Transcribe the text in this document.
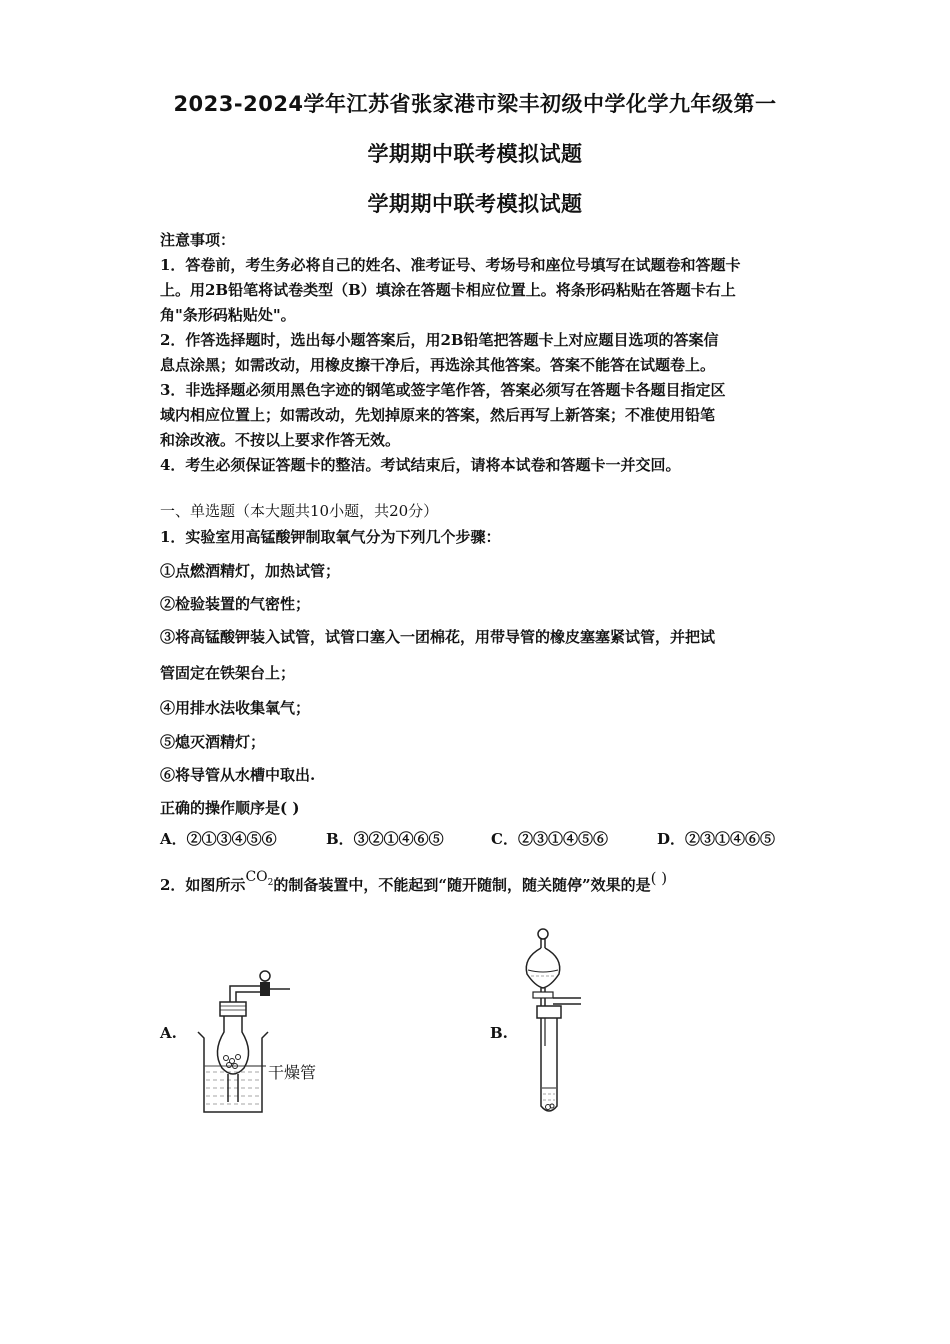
2023-2024学年江苏省张家港市梁丰初级中学化学九年级第一
学期期中联考模拟试题
学期期中联考模拟试题

注意事项：

1．答卷前，考生务必将自己的姓名、准考证号、考场号和座位号填写在试题卷和答题卡

上。用2B铅笔将试卷类型（B）填涂在答题卡相应位置上。将条形码粘贴在答题卡右上

角"条形码粘贴处"。

2．作答选择题时，选出每小题答案后，用2B铅笔把答题卡上对应题目选项的答案信

息点涂黑；如需改动，用橡皮擦干净后，再选涂其他答案。答案不能答在试题卷上。

3．非选择题必须用黑色字迹的钢笔或签字笔作答，答案必须写在答题卡各题目指定区

域内相应位置上；如需改动，先划掉原来的答案，然后再写上新答案；不准使用铅笔

和涂改液。不按以上要求作答无效。

4．考生必须保证答题卡的整洁。考试结束后，请将本试卷和答题卡一并交回。

一、单选题（本大题共10小题，共20分）
1．实验室用高锰酸钾制取氧气分为下列几个步骤：
①点燃酒精灯，加热试管；
②检验装置的气密性；
③将高锰酸钾装入试管，试管口塞入一团棉花，用带导管的橡皮塞塞紧试管，并把试
管固定在铁架台上；
④用排水法收集氧气；
⑤熄灭酒精灯；
⑥将导管从水槽中取出.
正确的操作顺序是( )
A．②①③④⑤⑥	B．③②①④⑥⑤	C．②③①④⑤⑥	D．②③①④⑥⑤
2．如图所示$CO_2$的制备装置中，不能起到“随开随制，随关随停”效果的是( )
A.	B.
干燥管
